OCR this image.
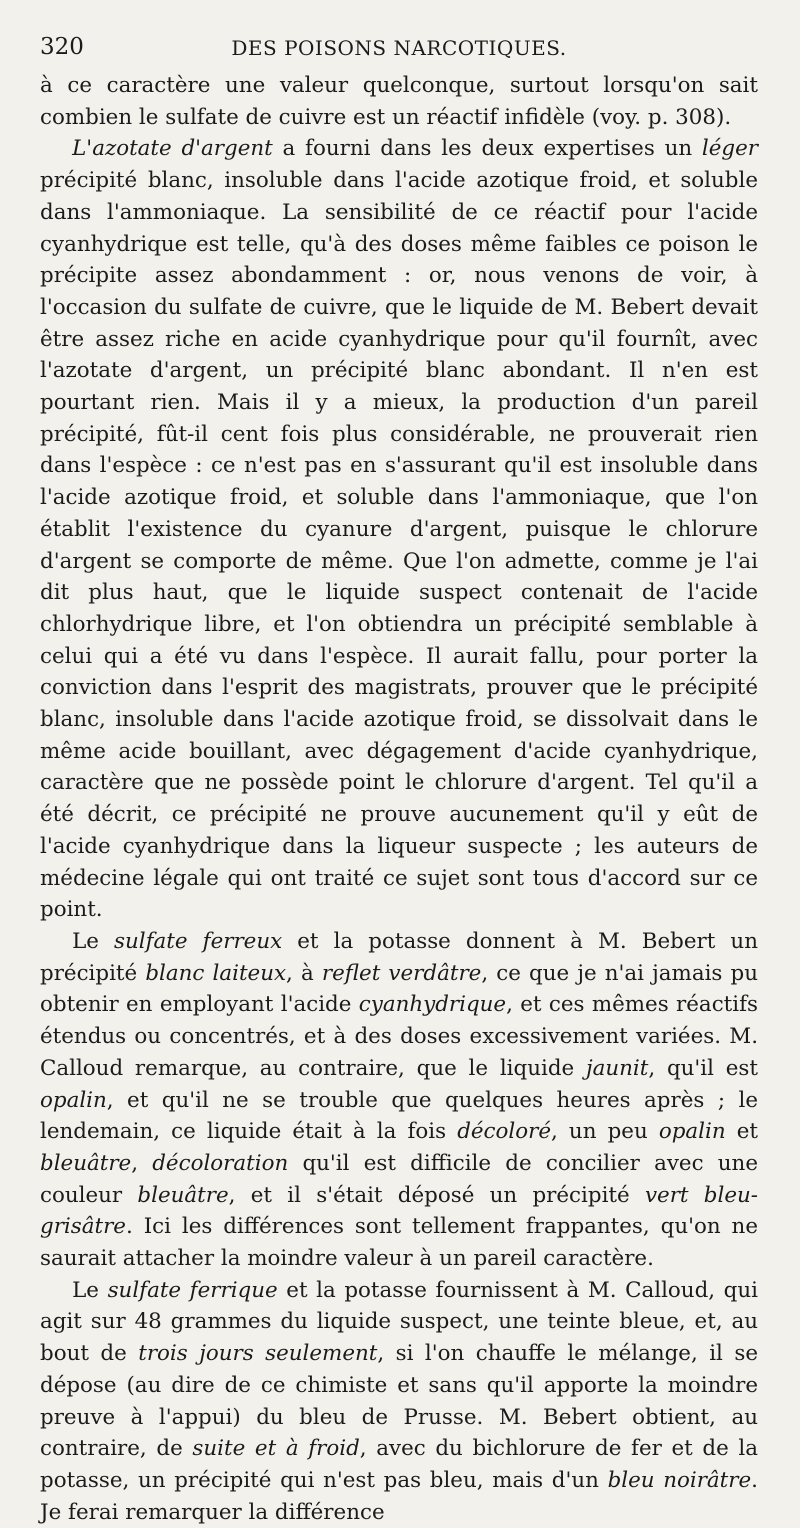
320	DES POISONS NARCOTIQUES.

à ce caractère une valeur quelconque, surtout lorsqu'on sait combien le sulfate de cuivre est un réactif infidèle (voy. p. 308).

L'azotate d'argent a fourni dans les deux expertises un léger précipité blanc, insoluble dans l'acide azotique froid, et soluble dans l'ammoniaque. La sensibilité de ce réactif pour l'acide cyanhydrique est telle, qu'à des doses même faibles ce poison le précipite assez abondamment : or, nous venons de voir, à l'occasion du sulfate de cuivre, que le liquide de M. Bebert devait être assez riche en acide cyanhydrique pour qu'il fournît, avec l'azotate d'argent, un précipité blanc abondant. Il n'en est pourtant rien. Mais il y a mieux, la production d'un pareil précipité, fût-il cent fois plus considérable, ne prouverait rien dans l'espèce : ce n'est pas en s'assurant qu'il est insoluble dans l'acide azotique froid, et soluble dans l'ammoniaque, que l'on établit l'existence du cyanure d'argent, puisque le chlorure d'argent se comporte de même. Que l'on admette, comme je l'ai dit plus haut, que le liquide suspect contenait de l'acide chlorhydrique libre, et l'on obtiendra un précipité semblable à celui qui a été vu dans l'espèce. Il aurait fallu, pour porter la conviction dans l'esprit des magistrats, prouver que le précipité blanc, insoluble dans l'acide azotique froid, se dissolvait dans le même acide bouillant, avec dégagement d'acide cyanhydrique, caractère que ne possède point le chlorure d'argent. Tel qu'il a été décrit, ce précipité ne prouve aucunement qu'il y eût de l'acide cyanhydrique dans la liqueur suspecte ; les auteurs de médecine légale qui ont traité ce sujet sont tous d'accord sur ce point.

Le sulfate ferreux et la potasse donnent à M. Bebert un précipité blanc laiteux, à reflet verdâtre, ce que je n'ai jamais pu obtenir en employant l'acide cyanhydrique, et ces mêmes réactifs étendus ou concentrés, et à des doses excessivement variées. M. Calloud remarque, au contraire, que le liquide jaunit, qu'il est opalin, et qu'il ne se trouble que quelques heures après ; le lendemain, ce liquide était à la fois décoloré, un peu opalin et bleuâtre, décoloration qu'il est difficile de concilier avec une couleur bleuâtre, et il s'était déposé un précipité vert bleu-grisâtre. Ici les différences sont tellement frappantes, qu'on ne saurait attacher la moindre valeur à un pareil caractère.

Le sulfate ferrique et la potasse fournissent à M. Calloud, qui agit sur 48 grammes du liquide suspect, une teinte bleue, et, au bout de trois jours seulement, si l'on chauffe le mélange, il se dépose (au dire de ce chimiste et sans qu'il apporte la moindre preuve à l'appui) du bleu de Prusse. M. Bebert obtient, au contraire, de suite et à froid, avec du bichlorure de fer et de la potasse, un précipité qui n'est pas bleu, mais d'un bleu noirâtre. Je ferai remarquer la différence
